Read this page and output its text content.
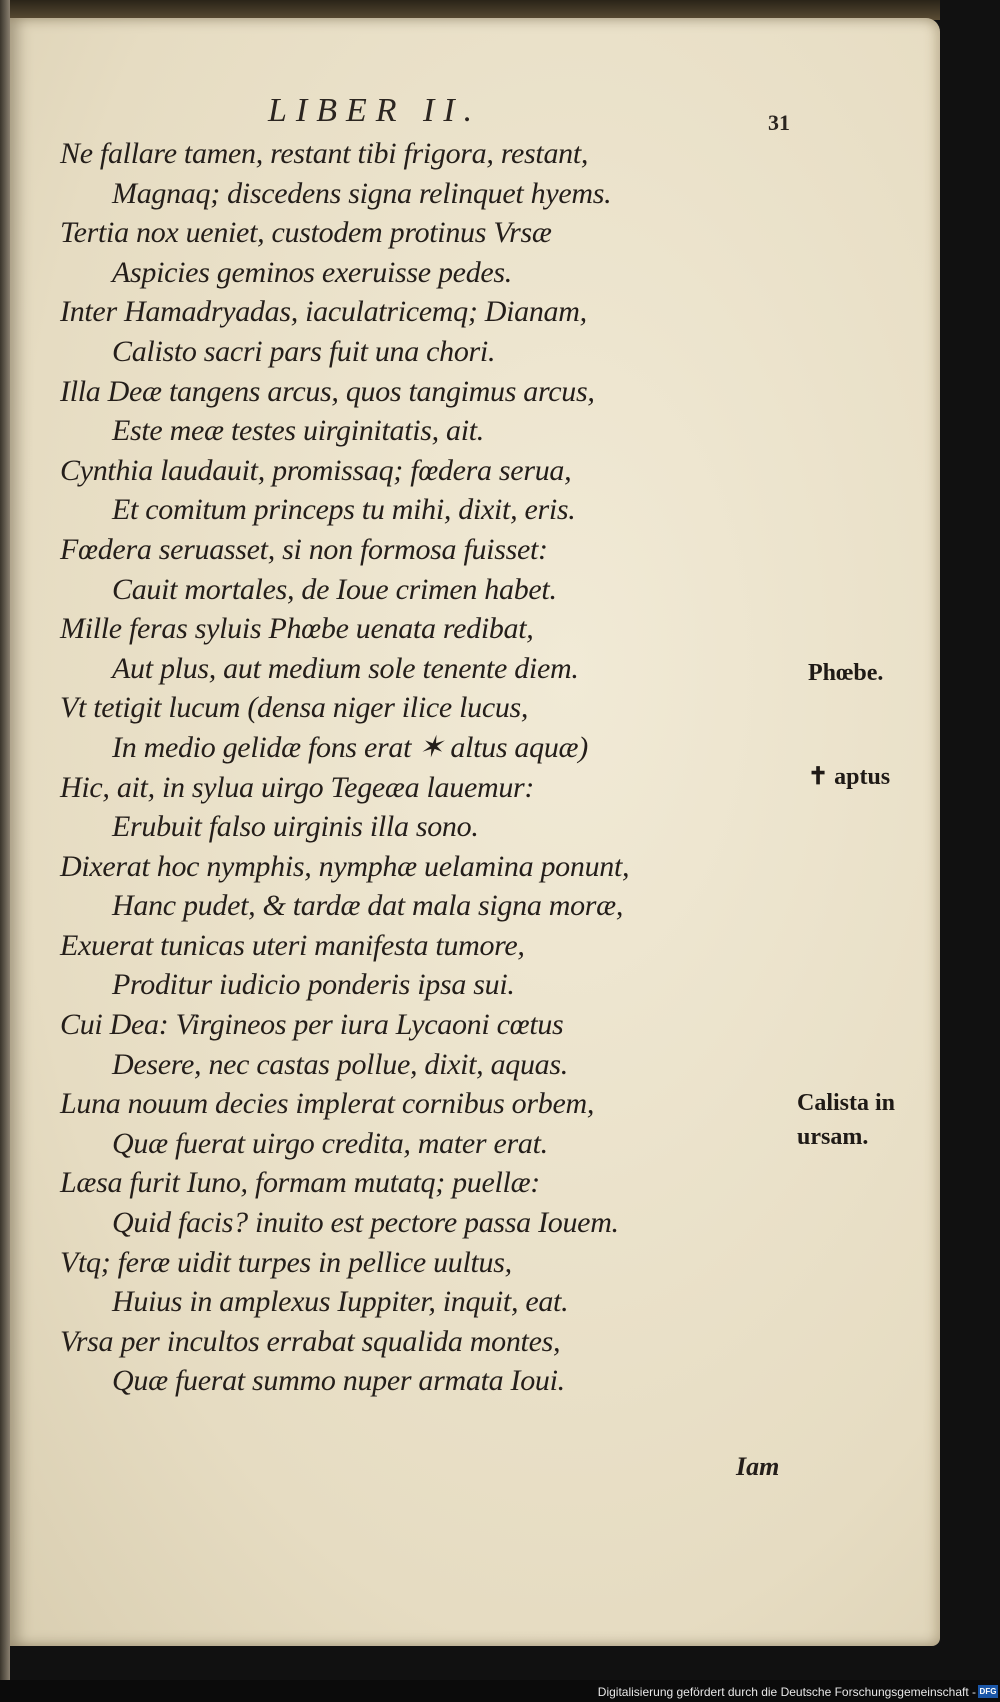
LIBER II.	31
Ne fallare tamen, restant tibi frigora, restant,
Magnaq; discedens signa relinquet hyems.
Tertia nox ueniet, custodem protinus Vrsæ
Aspicies geminos exeruisse pedes.
Inter Hamadryadas, iaculatricemq; Dianam,
Calisto sacri pars fuit una chori.
Illa Deæ tangens arcus, quos tangimus arcus,
Este meæ testes uirginitatis, ait.
Cynthia laudauit, promissaq; fœdera serua,
Et comitum princeps tu mihi, dixit, eris.
Fœdera seruasset, si non formosa fuisset:
Cauit mortales, de Ioue crimen habet.
Mille feras syluis Phœbe uenata redibat,
Aut plus, aut medium sole tenente diem.
Vt tetigit lucum (densa niger ilice lucus,
In medio gelidæ fons erat ✶ altus aquæ)
Hic, ait, in sylua uirgo Tegeæa lauemur:
Erubuit falso uirginis illa sono.
Dixerat hoc nymphis, nymphæ uelamina ponunt,
Hanc pudet, & tardæ dat mala signa moræ,
Exuerat tunicas uteri manifesta tumore,
Proditur iudicio ponderis ipsa sui.
Cui Dea: Virgineos per iura Lycaoni cœtus
Desere, nec castas pollue, dixit, aquas.
Luna nouum decies implerat cornibus orbem,
Quæ fuerat uirgo credita, mater erat.
Læsa furit Iuno, formam mutatq; puellæ:
Quid facis? inuito est pectore passa Iouem.
Vtq; feræ uidit turpes in pellice uultus,
Huius in amplexus Iuppiter, inquit, eat.
Vrsa per incultos errabat squalida montes,
Quæ fuerat summo nuper armata Ioui.
Phœbe.
✝ aptus
Calista in
ursam.
Iam
Digitalisierung gefördert durch die Deutsche Forschungsgemeinschaft - DFG
